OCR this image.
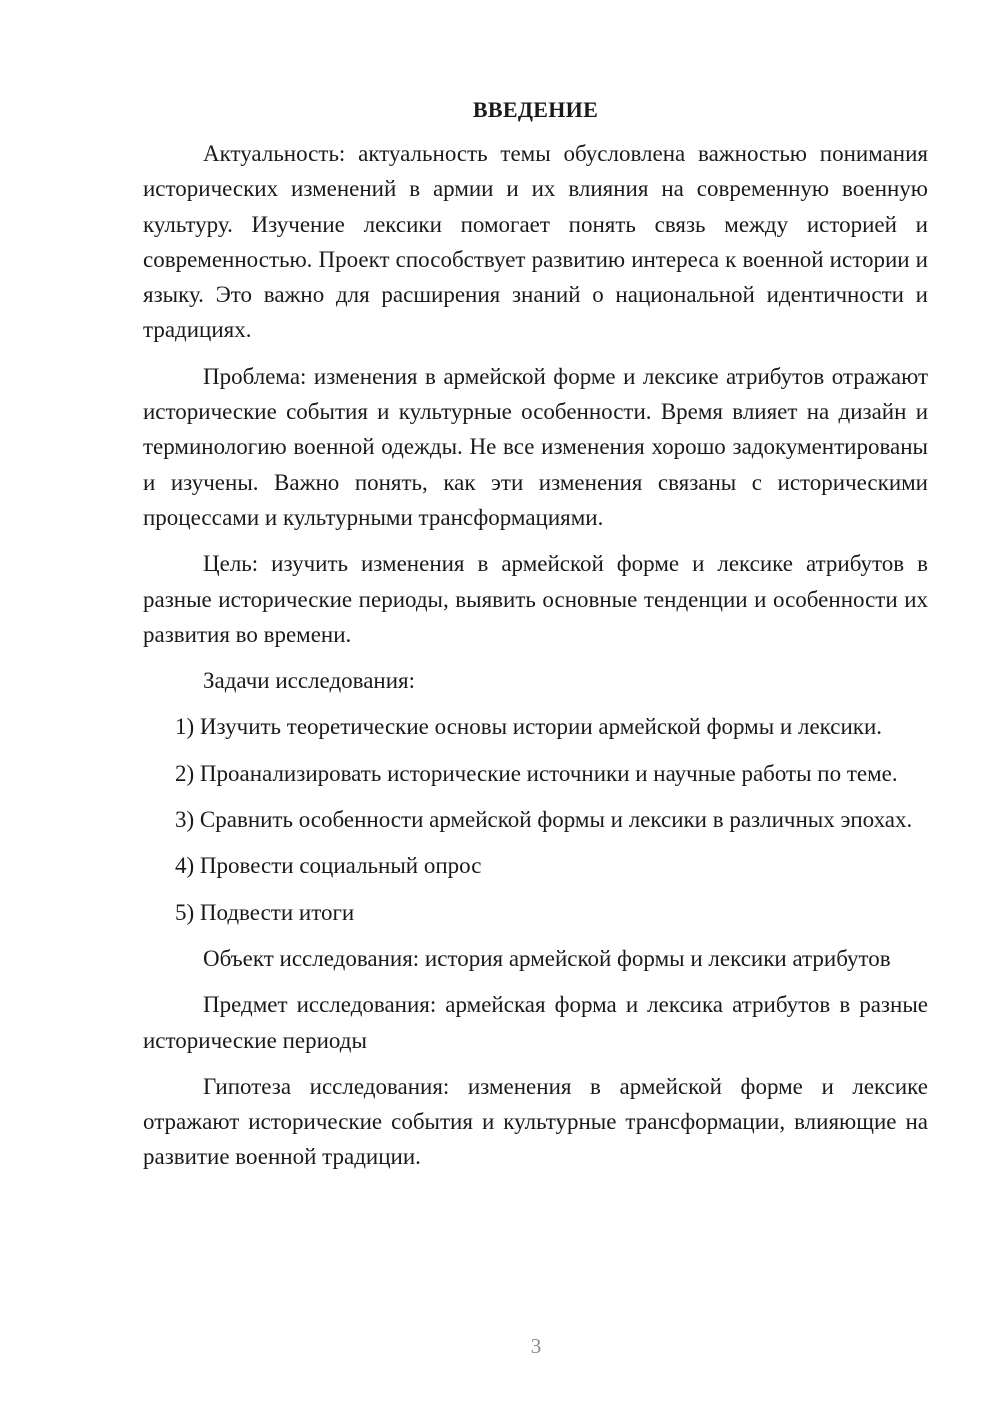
ВВЕДЕНИЕ

Актуальность: актуальность темы обусловлена важностью понимания исторических изменений в армии и их влияния на современную военную культуру. Изучение лексики помогает понять связь между историей и современностью. Проект способствует развитию интереса к военной истории и языку. Это важно для расширения знаний о национальной идентичности и традициях.

Проблема: изменения в армейской форме и лексике атрибутов отражают исторические события и культурные особенности. Время влияет на дизайн и терминологию военной одежды. Не все изменения хорошо задокументированы и изучены. Важно понять, как эти изменения связаны с историческими процессами и культурными трансформациями.

Цель: изучить изменения в армейской форме и лексике атрибутов в разные исторические периоды, выявить основные тенденции и особенности их развития во времени.

Задачи исследования:

1) Изучить теоретические основы истории армейской формы и лексики.

2) Проанализировать исторические источники и научные работы по теме.

3) Сравнить особенности армейской формы и лексики в различных эпохах.

4) Провести социальный опрос

5) Подвести итоги

Объект исследования: история армейской формы и лексики атрибутов

Предмет исследования: армейская форма и лексика атрибутов в разные исторические периоды

Гипотеза исследования: изменения в армейской форме и лексике отражают исторические события и культурные трансформации, влияющие на развитие военной традиции.

3
